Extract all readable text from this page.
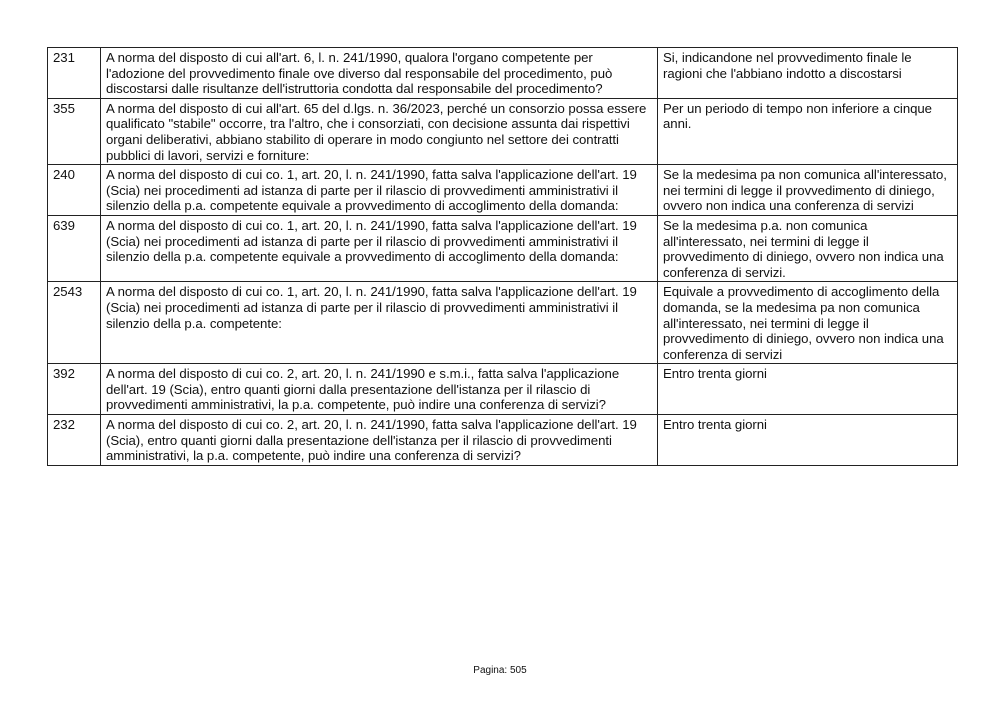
231	A norma del disposto di cui all'art. 6, l. n. 241/1990, qualora l'organo competente per l'adozione del provvedimento finale ove diverso dal responsabile del procedimento, può discostarsi dalle risultanze dell'istruttoria condotta dal responsabile del procedimento?	Si, indicandone nel provvedimento finale le ragioni che l'abbiano indotto a discostarsi
355	A norma del disposto di cui all'art. 65 del d.lgs. n. 36/2023, perché un consorzio possa essere qualificato "stabile" occorre, tra l'altro, che i consorziati, con decisione assunta dai rispettivi organi deliberativi, abbiano stabilito di operare in modo congiunto nel settore dei contratti pubblici di lavori, servizi e forniture:	Per un periodo di tempo non inferiore a cinque anni.
240	A norma del disposto di cui co. 1, art. 20, l. n. 241/1990, fatta salva l'applicazione dell'art. 19 (Scia) nei procedimenti ad istanza di parte per il rilascio di provvedimenti amministrativi il silenzio della p.a. competente equivale a provvedimento di accoglimento della domanda:	Se la medesima pa non comunica all'interessato, nei termini di legge il provvedimento di diniego, ovvero non indica una conferenza di servizi
639	A norma del disposto di cui co. 1, art. 20, l. n. 241/1990, fatta salva l'applicazione dell'art. 19 (Scia) nei procedimenti ad istanza di parte per il rilascio di provvedimenti amministrativi il silenzio della p.a. competente equivale a provvedimento di accoglimento della domanda:	Se la medesima p.a. non comunica all'interessato, nei termini di legge il provvedimento di diniego, ovvero non indica una conferenza di servizi.
2543	A norma del disposto di cui co. 1, art. 20, l. n. 241/1990, fatta salva l'applicazione dell'art. 19 (Scia) nei procedimenti ad istanza di parte per il rilascio di provvedimenti amministrativi il silenzio della p.a. competente:	Equivale a provvedimento di accoglimento della domanda, se la medesima pa non comunica all'interessato, nei termini di legge il provvedimento di diniego, ovvero non indica una conferenza di servizi
392	A norma del disposto di cui co. 2, art. 20, l. n. 241/1990 e s.m.i., fatta salva l'applicazione dell'art. 19 (Scia), entro quanti giorni dalla presentazione dell'istanza per il rilascio di provvedimenti amministrativi, la p.a. competente, può indire una conferenza di servizi?	Entro trenta giorni
232	A norma del disposto di cui co. 2, art. 20, l. n. 241/1990, fatta salva l'applicazione dell'art. 19 (Scia), entro quanti giorni dalla presentazione dell'istanza per il rilascio di provvedimenti amministrativi, la p.a. competente, può indire una conferenza di servizi?	Entro trenta giorni
Pagina: 505
